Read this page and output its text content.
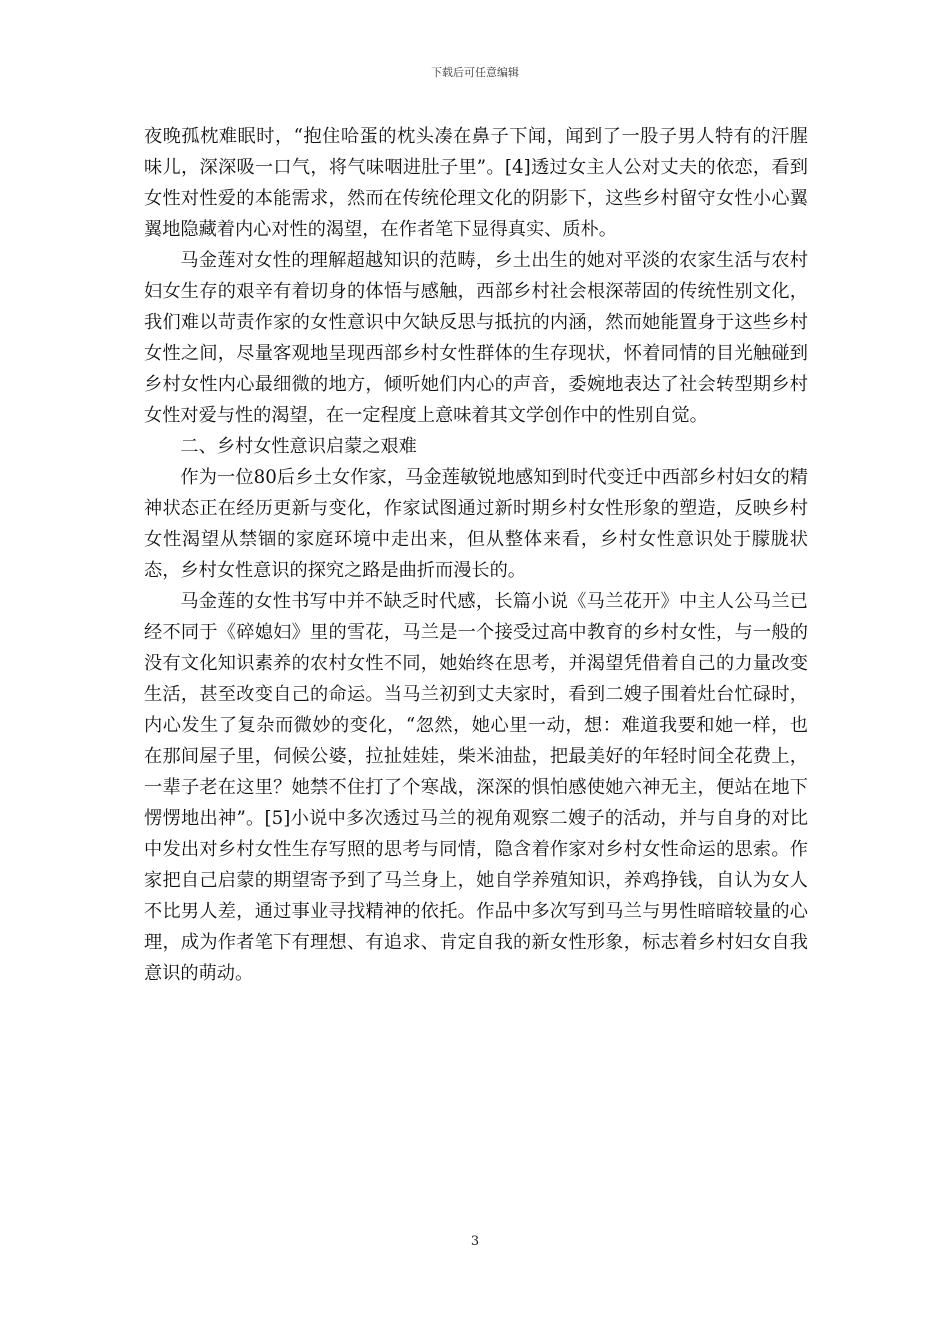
下载后可任意编辑

夜晚孤枕难眠时，“抱住哈蛋的枕头凑在鼻子下闻，闻到了一股子男人特有的汗腥味儿，深深吸一口气，将气味咽进肚子里”。[4]透过女主人公对丈夫的依恋，看到女性对性爱的本能需求，然而在传统伦理文化的阴影下，这些乡村留守女性小心翼翼地隐藏着内心对性的渴望，在作者笔下显得真实、质朴。

马金莲对女性的理解超越知识的范畴，乡土出生的她对平淡的农家生活与农村妇女生存的艰辛有着切身的体悟与感触，西部乡村社会根深蒂固的传统性别文化，我们难以苛责作家的女性意识中欠缺反思与抵抗的内涵，然而她能置身于这些乡村女性之间，尽量客观地呈现西部乡村女性群体的生存现状，怀着同情的目光触碰到乡村女性内心最细微的地方，倾听她们内心的声音，委婉地表达了社会转型期乡村女性对爱与性的渴望，在一定程度上意味着其文学创作中的性别自觉。

二、乡村女性意识启蒙之艰难

作为一位80后乡土女作家，马金莲敏锐地感知到时代变迁中西部乡村妇女的精神状态正在经历更新与变化，作家试图通过新时期乡村女性形象的塑造，反映乡村女性渴望从禁锢的家庭环境中走出来，但从整体来看，乡村女性意识处于朦胧状态，乡村女性意识的探究之路是曲折而漫长的。

马金莲的女性书写中并不缺乏时代感，长篇小说《马兰花开》中主人公马兰已经不同于《碎媳妇》里的雪花，马兰是一个接受过高中教育的乡村女性，与一般的没有文化知识素养的农村女性不同，她始终在思考，并渴望凭借着自己的力量改变生活，甚至改变自己的命运。当马兰初到丈夫家时，看到二嫂子围着灶台忙碌时，内心发生了复杂而微妙的变化，“忽然，她心里一动，想：难道我要和她一样，也在那间屋子里，伺候公婆，拉扯娃娃，柴米油盐，把最美好的年轻时间全花费上，一辈子老在这里？她禁不住打了个寒战，深深的惧怕感使她六神无主，便站在地下愣愣地出神”。[5]小说中多次透过马兰的视角观察二嫂子的活动，并与自身的对比中发出对乡村女性生存写照的思考与同情，隐含着作家对乡村女性命运的思索。作家把自己启蒙的期望寄予到了马兰身上，她自学养殖知识，养鸡挣钱，自认为女人不比男人差，通过事业寻找精神的依托。作品中多次写到马兰与男性暗暗较量的心理，成为作者笔下有理想、有追求、肯定自我的新女性形象，标志着乡村妇女自我意识的萌动。

3
